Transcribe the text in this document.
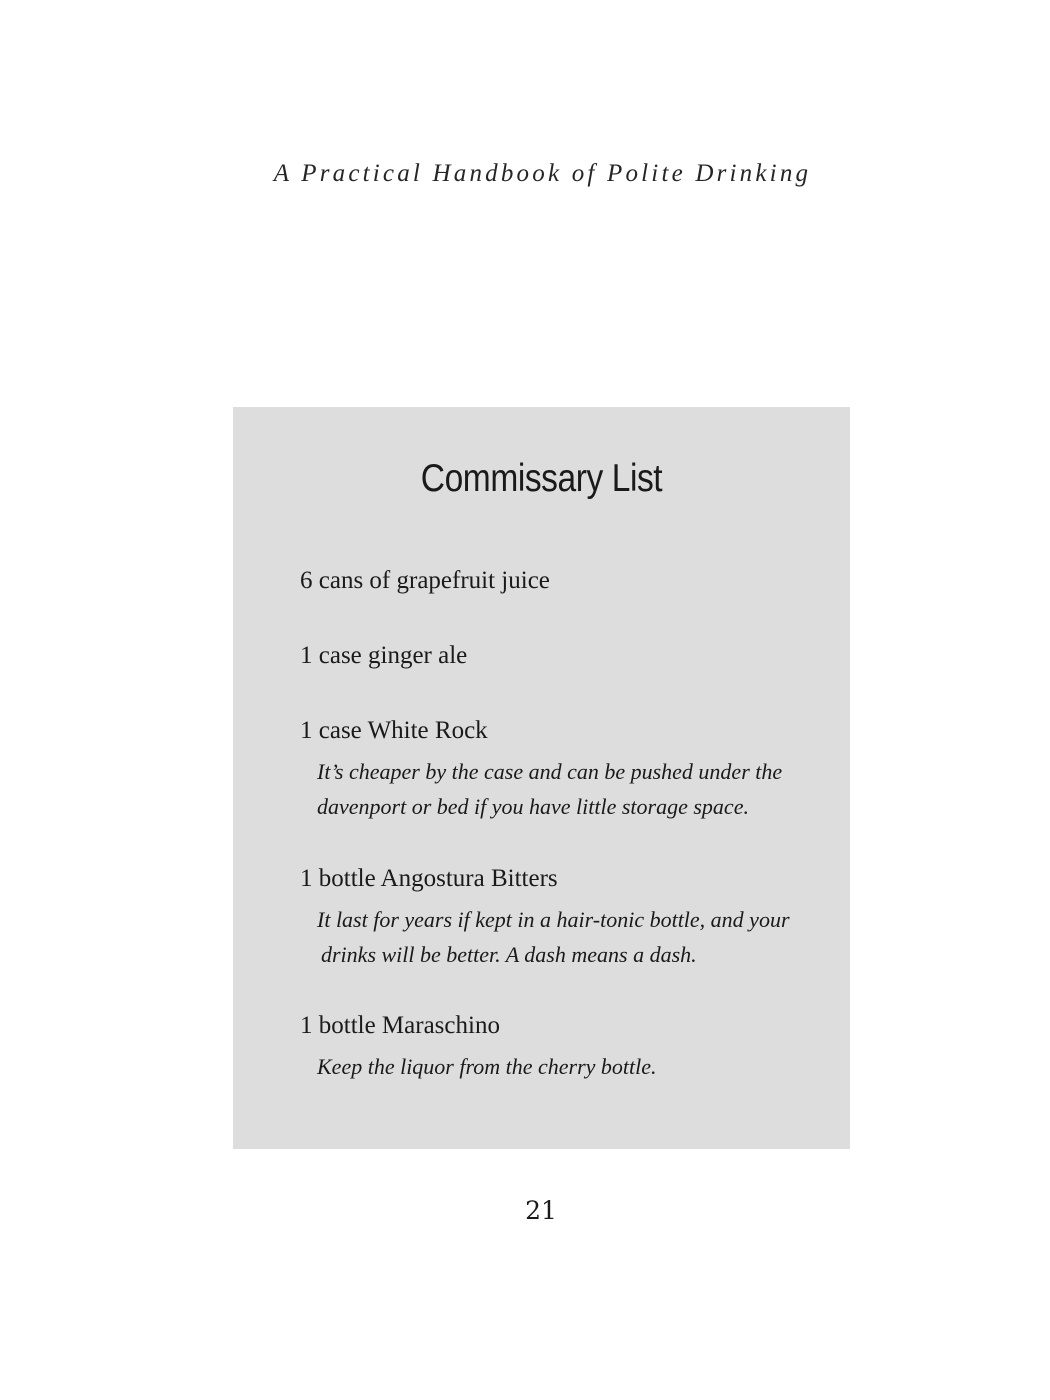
A Practical Handbook of Polite Drinking
Commissary List
6 cans of grapefruit juice
1 case ginger ale
1 case White Rock
It’s cheaper by the case and can be pushed under the
davenport or bed if you have little storage space.
1 bottle Angostura Bitters
It last for years if kept in a hair-tonic bottle, and your
drinks will be better. A dash means a dash.
1 bottle Maraschino
Keep the liquor from the cherry bottle.
21
